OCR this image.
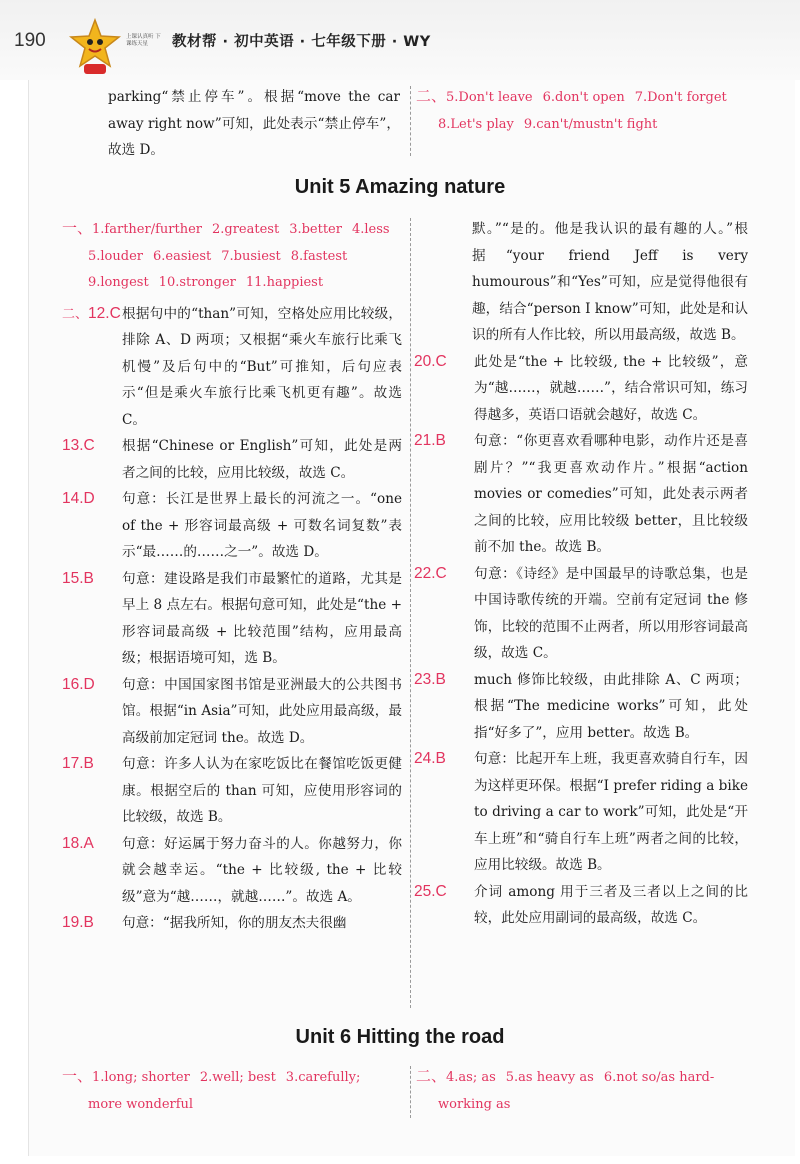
190	上课认真听 下课练天星	教材帮 · 初中英语 · 七年级下册 · WY

parking“禁止停车”。根据“move the car away right now”可知，此处表示“禁止停车”，故选 D。

二、5.Don't leave 6.don't open 7.Don't forget
8.Let's play 9.can't/mustn't fight
Unit 5 Amazing nature
一、1.farther/further 2.greatest 3.better 4.less
5.louder 6.easiest 7.busiest 8.fastest
9.longest 10.stronger 11.happiest
二、12.C 根据句中的“than”可知，空格处应用比较级，排除 A、D 两项；又根据“乘火车旅行比乘飞机慢”及后句中的“But”可推知，后句应表示“但是乘火车旅行比乘飞机更有趣”。故选 C。
13.C 根据“Chinese or English”可知，此处是两者之间的比较，应用比较级，故选 C。
14.D 句意：长江是世界上最长的河流之一。“one of the + 形容词最高级 + 可数名词复数”表示“最……的……之一”。故选 D。
15.B 句意：建设路是我们市最繁忙的道路，尤其是早上 8 点左右。根据句意可知，此处是“the + 形容词最高级 + 比较范围”结构，应用最高级；根据语境可知，选 B。
16.D 句意：中国国家图书馆是亚洲最大的公共图书馆。根据“in Asia”可知，此处应用最高级，最高级前加定冠词 the。故选 D。
17.B 句意：许多人认为在家吃饭比在餐馆吃饭更健康。根据空后的 than 可知，应使用形容词的比较级，故选 B。
18.A 句意：好运属于努力奋斗的人。你越努力，你就会越幸运。“the + 比较级, the + 比较级”意为“越……，就越……”。故选 A。
19.B 句意：“据我所知，你的朋友杰夫很幽

默。”“是的。他是我认识的最有趣的人。”根据“your friend Jeff is very humourous”和“Yes”可知，应是觉得他很有趣，结合“person I know”可知，此处是和认识的所有人作比较，所以用最高级，故选 B。

20.C 此处是“the + 比较级, the + 比较级”，意为“越……，就越……”，结合常识可知，练习得越多，英语口语就会越好，故选 C。
21.B 句意：“你更喜欢看哪种电影，动作片还是喜剧片？”“我更喜欢动作片。”根据“action movies or comedies”可知，此处表示两者之间的比较，应用比较级 better，且比较级前不加 the。故选 B。
22.C 句意：《诗经》是中国最早的诗歌总集，也是中国诗歌传统的开端。空前有定冠词 the 修饰，比较的范围不止两者，所以用形容词最高级，故选 C。
23.B much 修饰比较级，由此排除 A、C 两项；根据“The medicine works”可知，此处指“好多了”，应用 better。故选 B。
24.B 句意：比起开车上班，我更喜欢骑自行车，因为这样更环保。根据“I prefer riding a bike to driving a car to work”可知，此处是“开车上班”和“骑自行车上班”两者之间的比较，应用比较级。故选 B。
25.C 介词 among 用于三者及三者以上之间的比较，此处应用副词的最高级，故选 C。
Unit 6 Hitting the road
一、1.long; shorter 2.well; best 3.carefully;
more wonderful
二、4.as; as 5.as heavy as 6.not so/as hard-
working as
